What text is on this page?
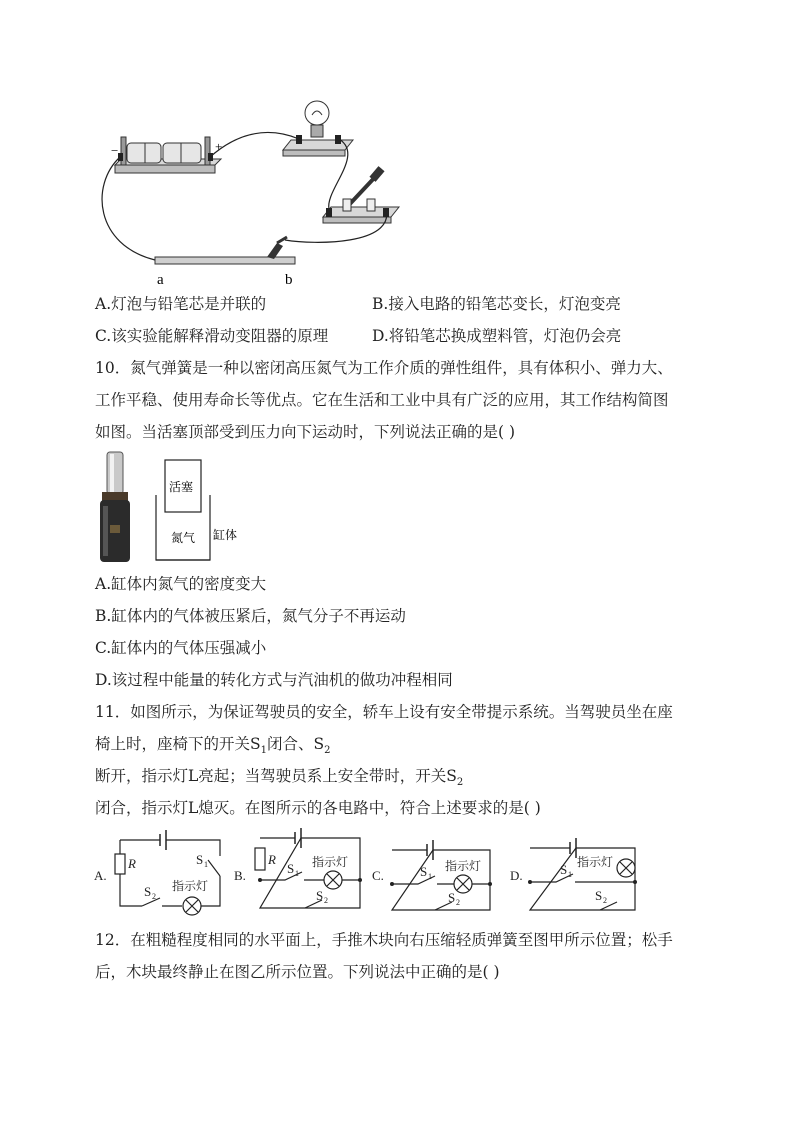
−	+
a	b
A.灯泡与铅笔芯是并联的	B.接入电路的铅笔芯变长，灯泡变亮
C.该实验能解释滑动变阻器的原理	D.将铅笔芯换成塑料管，灯泡仍会亮
10．氮气弹簧是一种以密闭高压氮气为工作介质的弹性组件，具有体积小、弹力大、
工作平稳、使用寿命长等优点。它在生活和工业中具有广泛的应用，其工作结构简图
如图。当活塞顶部受到压力向下运动时，下列说法正确的是( )
活塞
氮气 缸体
A.缸体内氮气的密度变大
B.缸体内的气体被压紧后，氮气分子不再运动
C.缸体内的气体压强减小
D.该过程中能量的转化方式与汽油机的做功冲程相同
11．如图所示，为保证驾驶员的安全，轿车上设有安全带提示系统。当驾驶员坐在座
椅上时，座椅下的开关$S_1$闭合、$S_2$
断开，指示灯L亮起；当驾驶员系上安全带时，开关$S_2$
闭合，指示灯L熄灭。在图所示的各电路中，符合上述要求的是( )
A.
R	S 1
S 2
指示灯
B.
R
S 1
指示灯
S 2
C.	S 1
指示灯
S 2
D.	S 1
指示灯
S 2
12．在粗糙程度相同的水平面上，手推木块向右压缩轻质弹簧至图甲所示位置；松手
后，木块最终静止在图乙所示位置。下列说法中正确的是( )
